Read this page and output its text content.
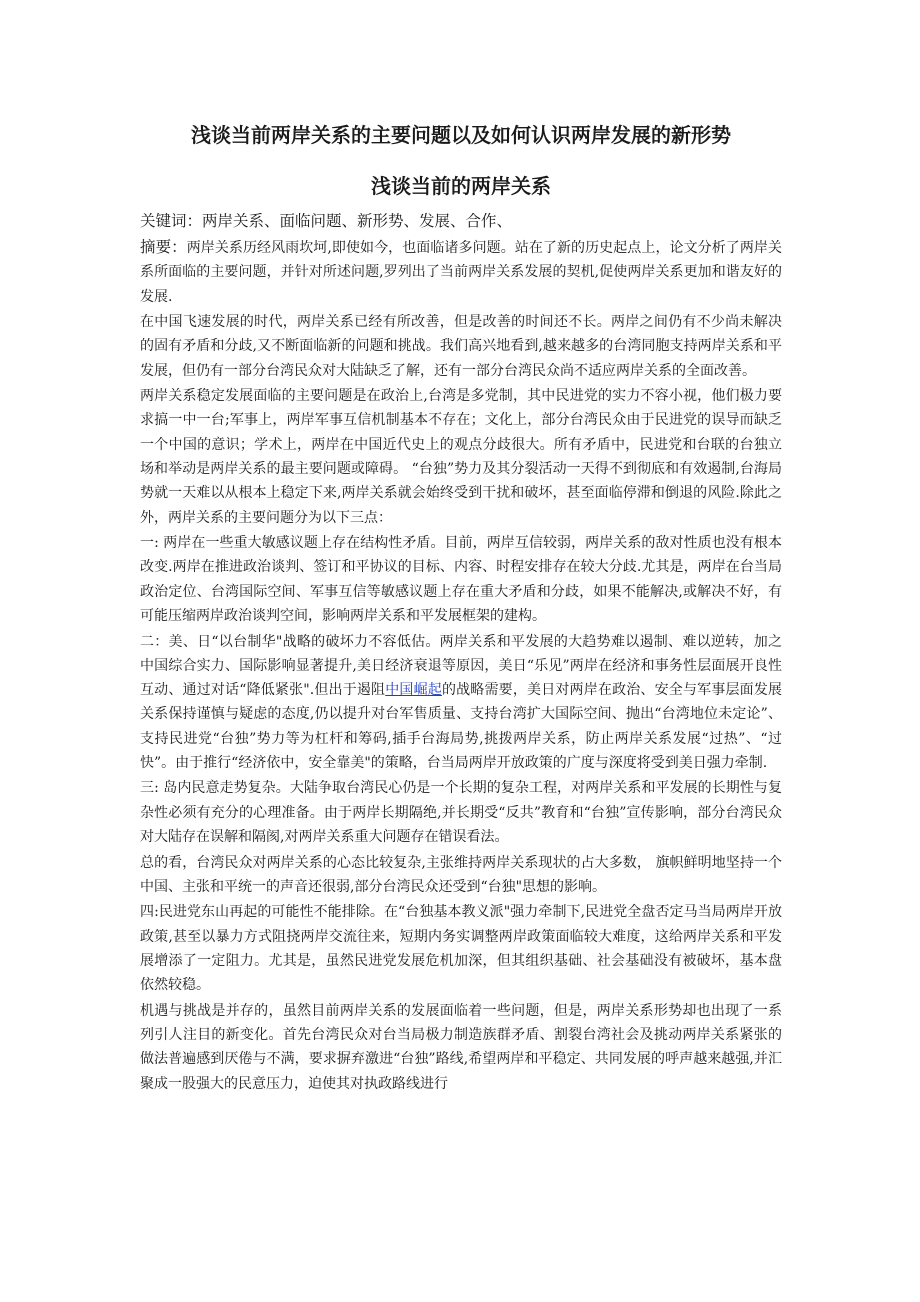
浅谈当前两岸关系的主要问题以及如何认识两岸发展的新形势
浅谈当前的两岸关系

关键词：两岸关系、面临问题、新形势、发展、合作、

摘要：两岸关系历经风雨坎坷,即使如今，也面临诸多问题。站在了新的历史起点上，论文分析了两岸关系所面临的主要问题，并针对所述问题,罗列出了当前两岸关系发展的契机,促使两岸关系更加和谐友好的发展.

在中国飞速发展的时代，两岸关系已经有所改善，但是改善的时间还不长。两岸之间仍有不少尚未解决的固有矛盾和分歧,又不断面临新的问题和挑战。我们高兴地看到,越来越多的台湾同胞支持两岸关系和平发展，但仍有一部分台湾民众对大陆缺乏了解，还有一部分台湾民众尚不适应两岸关系的全面改善。

两岸关系稳定发展面临的主要问题是在政治上,台湾是多党制，其中民进党的实力不容小视，他们极力要求搞一中一台;军事上，两岸军事互信机制基本不存在；文化上，部分台湾民众由于民进党的误导而缺乏一个中国的意识；学术上，两岸在中国近代史上的观点分歧很大。所有矛盾中，民进党和台联的台独立场和举动是两岸关系的最主要问题或障碍。 “台独”势力及其分裂活动一天得不到彻底和有效遏制,台海局势就一天难以从根本上稳定下来,两岸关系就会始终受到干扰和破坏，甚至面临停滞和倒退的风险.除此之外，两岸关系的主要问题分为以下三点：

一: 两岸在一些重大敏感议题上存在结构性矛盾。目前，两岸互信较弱，两岸关系的敌对性质也没有根本改变.两岸在推进政治谈判、签订和平协议的目标、内容、时程安排存在较大分歧.尤其是，两岸在台当局政治定位、台湾国际空间、军事互信等敏感议题上存在重大矛盾和分歧，如果不能解决,或解决不好，有可能压缩两岸政治谈判空间，影响两岸关系和平发展框架的建构。

二：美、日“以台制华"战略的破坏力不容低估。两岸关系和平发展的大趋势难以遏制、难以逆转，加之中国综合实力、国际影响显著提升,美日经济衰退等原因，美日“乐见”两岸在经济和事务性层面展开良性互动、通过对话“降低紧张".但出于遏阻中国崛起的战略需要，美日对两岸在政治、安全与军事层面发展关系保持谨慎与疑虑的态度,仍以提升对台军售质量、支持台湾扩大国际空间、抛出“台湾地位未定论”、支持民进党“台独”势力等为杠杆和筹码,插手台海局势,挑拨两岸关系，防止两岸关系发展“过热”、“过快”。由于推行“经济依中，安全靠美"的策略，台当局两岸开放政策的广度与深度将受到美日强力牵制.

三: 岛内民意走势复杂。大陆争取台湾民心仍是一个长期的复杂工程，对两岸关系和平发展的长期性与复杂性必须有充分的心理准备。由于两岸长期隔绝,并长期受“反共”教育和“台独”宣传影响，部分台湾民众对大陆存在误解和隔阂,对两岸关系重大问题存在错误看法。

总的看，台湾民众对两岸关系的心态比较复杂,主张维持两岸关系现状的占大多数， 旗帜鲜明地坚持一个中国、主张和平统一的声音还很弱,部分台湾民众还受到“台独"思想的影响。

四:民进党东山再起的可能性不能排除。在“台独基本教义派"强力牵制下,民进党全盘否定马当局两岸开放政策,甚至以暴力方式阻挠两岸交流往来，短期内务实调整两岸政策面临较大难度，这给两岸关系和平发展增添了一定阻力。尤其是，虽然民进党发展危机加深，但其组织基础、社会基础没有被破坏，基本盘依然较稳。

机遇与挑战是并存的，虽然目前两岸关系的发展面临着一些问题，但是，两岸关系形势却也出现了一系列引人注目的新变化。首先台湾民众对台当局极力制造族群矛盾、割裂台湾社会及挑动两岸关系紧张的做法普遍感到厌倦与不满，要求摒弃激进“台独”路线,希望两岸和平稳定、共同发展的呼声越来越强,并汇聚成一股强大的民意压力，迫使其对执政路线进行
